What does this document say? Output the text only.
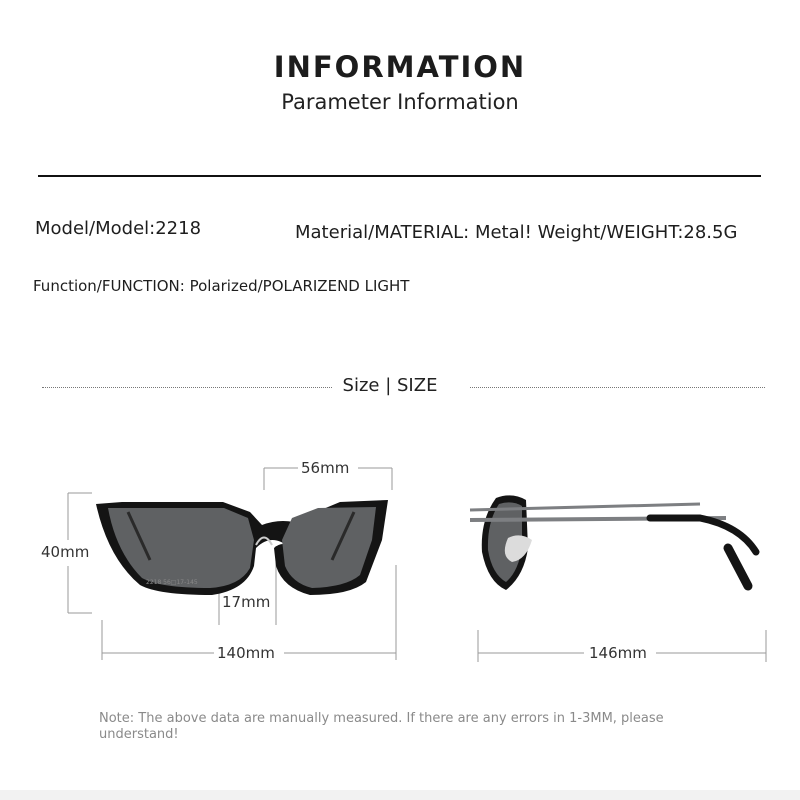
INFORMATION
Parameter Information
Model/Model:2218	Material/MATERIAL: Metal! Weight/WEIGHT:28.5G
Function/FUNCTION: Polarized/POLARIZEND LIGHT
Size | SIZE
2218 56□17-145
56mm
40mm
17mm
140mm	146mm
Note: The above data are manually measured. If there are any errors in 1-3MM, please understand!
